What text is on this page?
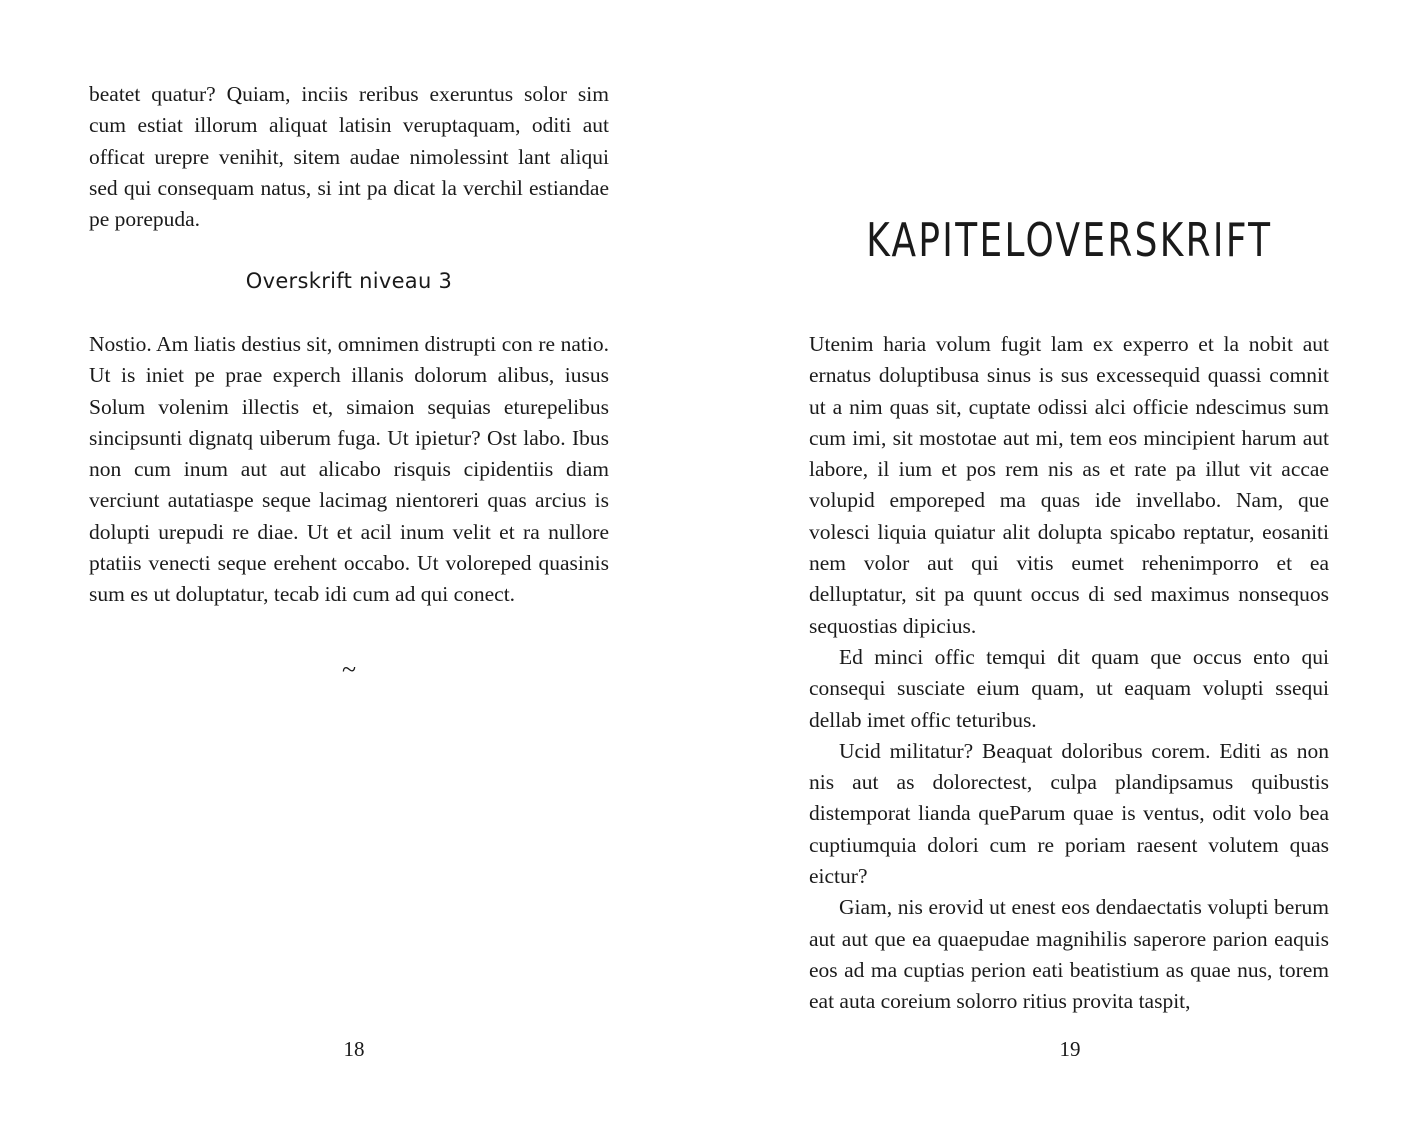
beatet quatur? Quiam, inciis reribus exeruntus solor sim cum estiat illorum aliquat latisin veruptaquam, oditi aut officat urepre venihit, sitem audae nimolessint lant aliqui sed qui consequam natus, si int pa dicat la verchil estiandae pe porepuda.

Overskrift niveau 3

Nostio. Am liatis destius sit, omnimen distrupti con re natio. Ut is iniet pe prae experch illanis dolorum alibus, iusus Solum volenim illectis et, simaion sequias eturepelibus sincipsunti dignatq uiberum fuga. Ut ipietur? Ost labo. Ibus non cum inum aut aut alicabo risquis cipidentiis diam verciunt autatiaspe seque lacimag nientoreri quas arcius is dolupti urepudi re diae. Ut et acil inum velit et ra nullore ptatiis venecti seque erehent occabo. Ut voloreped quasinis sum es ut doluptatur, tecab idi cum ad qui conect.

~
18
KAPITELOVERSKRIFT

Utenim haria volum fugit lam ex experro et la nobit aut ernatus doluptibusa sinus is sus excessequid quassi comnit ut a nim quas sit, cuptate odissi alci officie ndescimus sum cum imi, sit mostotae aut mi, tem eos mincipient harum aut labore, il ium et pos rem nis as et rate pa illut vit accae volupid emporeped ma quas ide invellabo. Nam, que volesci liquia quiatur alit dolupta spicabo reptatur, eosaniti nem volor aut qui vitis eumet rehenimporro et ea delluptatur, sit pa quunt occus di sed maximus nonsequos sequostias dipicius.

Ed minci offic temqui dit quam que occus ento qui consequi susciate eium quam, ut eaquam volupti ssequi dellab imet offic teturibus.

Ucid militatur? Beaquat doloribus corem. Editi as non nis aut as dolorectest, culpa plandipsamus quibustis distemporat lianda queParum quae is ventus, odit volo bea cuptiumquia dolori cum re poriam raesent volutem quas eictur?

Giam, nis erovid ut enest eos dendaectatis volupti berum aut aut que ea quaepudae magnihilis saperore parion eaquis eos ad ma cuptias perion eati beatistium as quae nus, torem eat auta coreium solorro ritius provita taspit,

19
